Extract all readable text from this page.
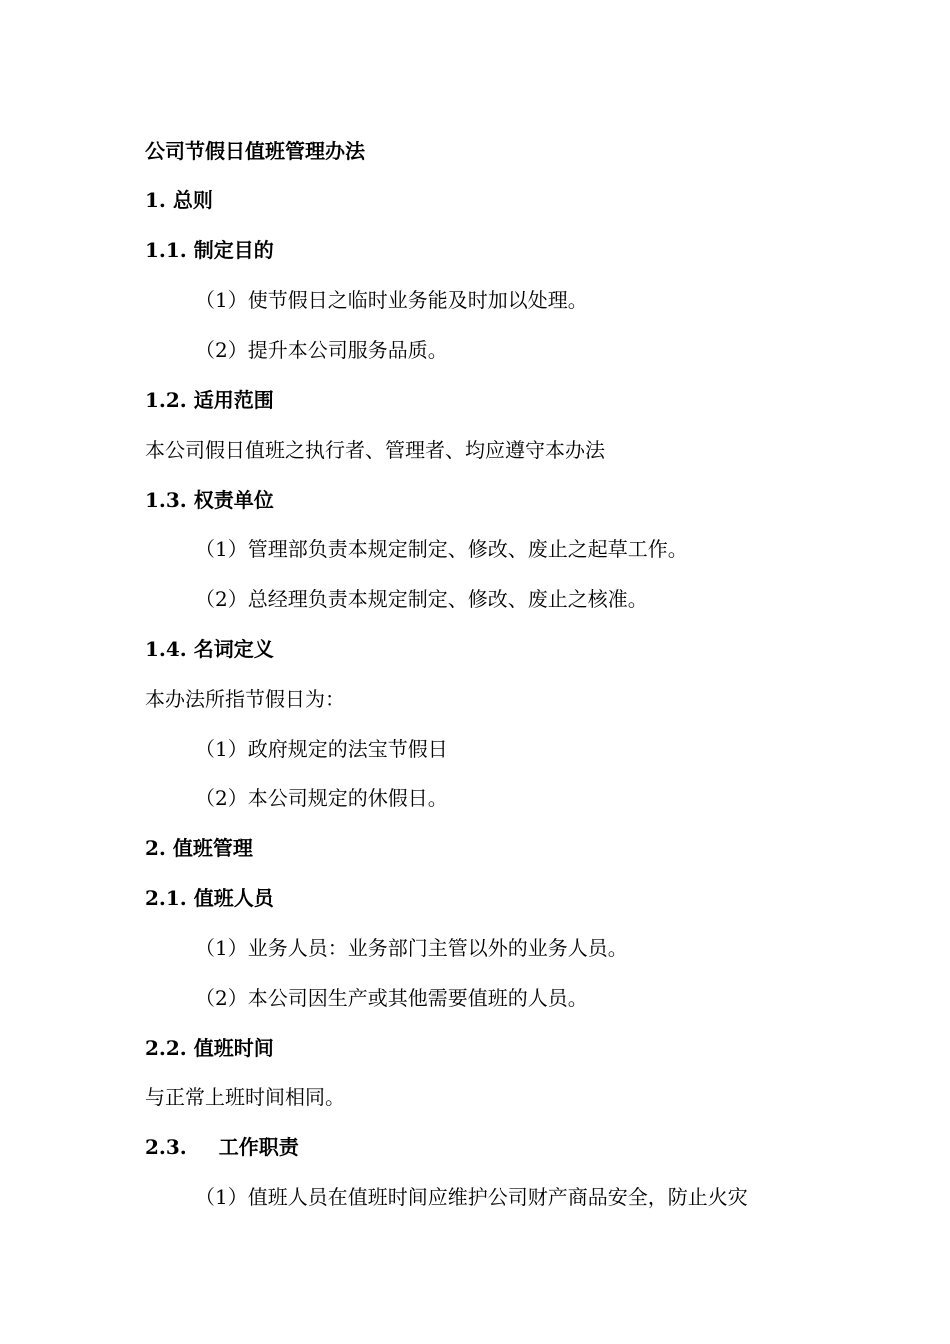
公司节假日值班管理办法
1. 总则
1.1. 制定目的
（1）使节假日之临时业务能及时加以处理。
（2）提升本公司服务品质。
1.2. 适用范围
本公司假日值班之执行者、管理者、均应遵守本办法
1.3. 权责单位
（1）管理部负责本规定制定、修改、废止之起草工作。
（2）总经理负责本规定制定、修改、废止之核准。
1.4. 名词定义
本办法所指节假日为：
（1）政府规定的法宝节假日
（2）本公司规定的休假日。
2. 值班管理
2.1. 值班人员
（1）业务人员：业务部门主管以外的业务人员。
（2）本公司因生产或其他需要值班的人员。
2.2. 值班时间
与正常上班时间相同。
2.3. 工作职责
（1）值班人员在值班时间应维护公司财产商品安全，防止火灾
